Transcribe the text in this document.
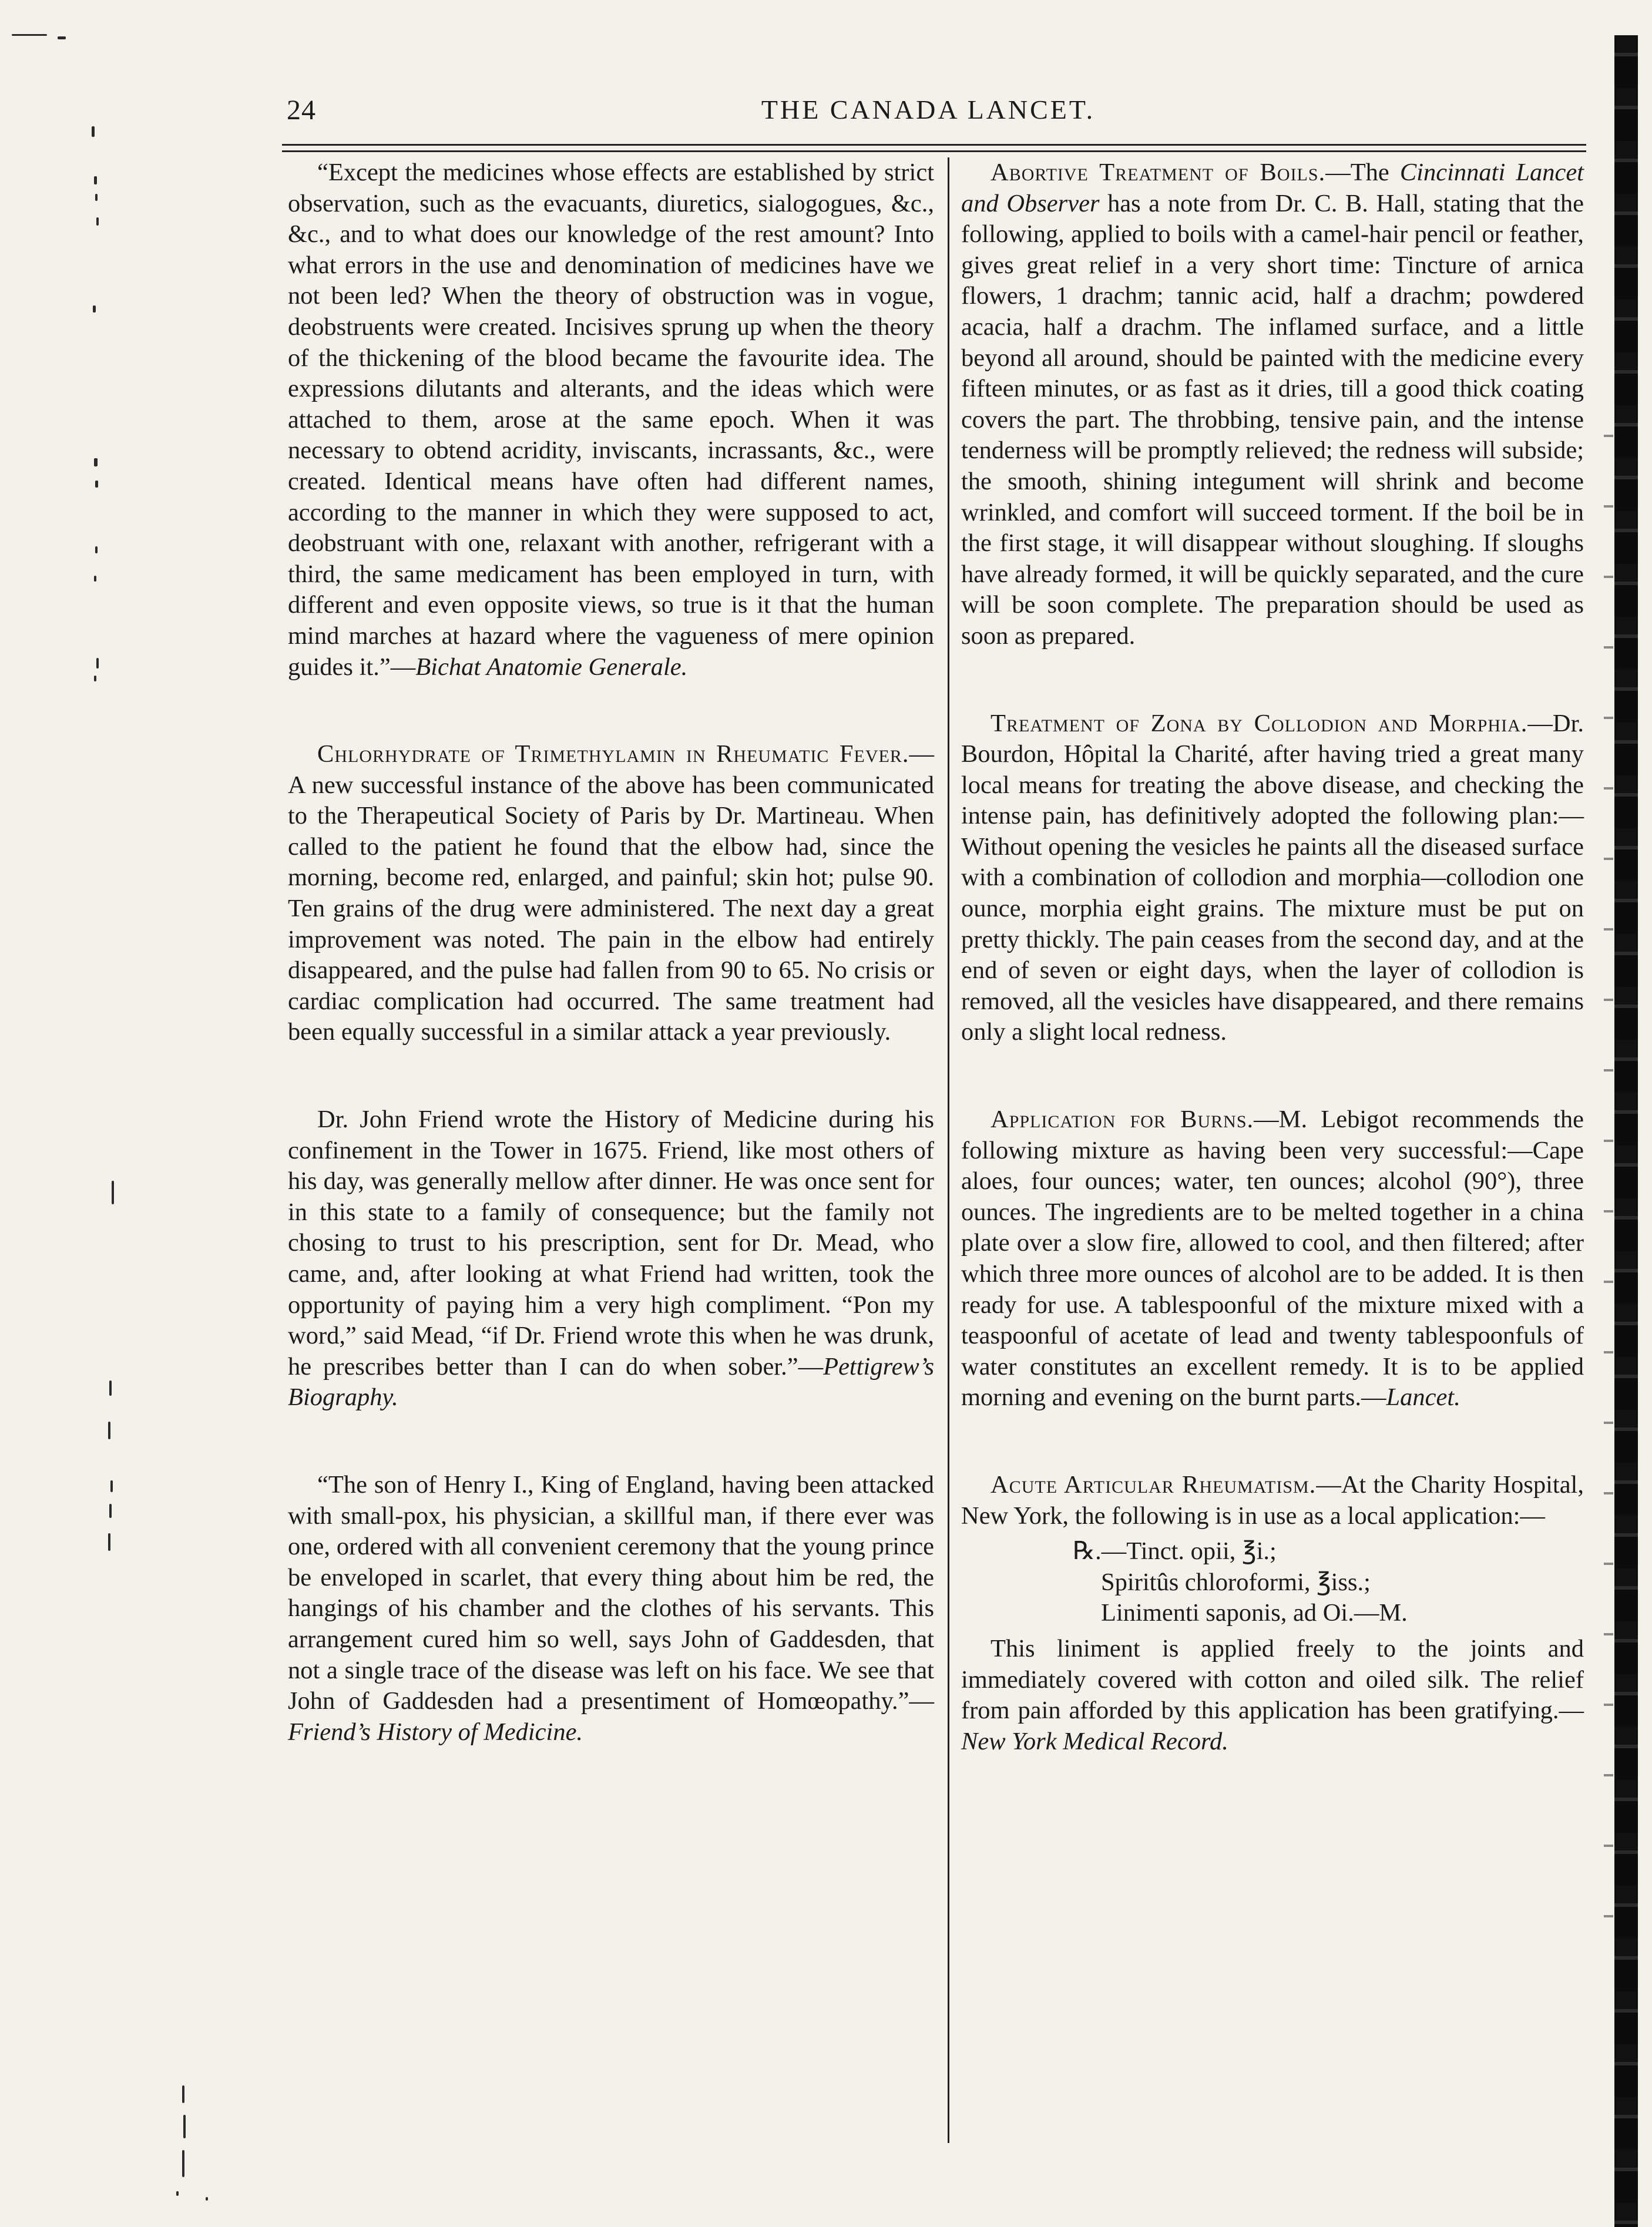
24	THE CANADA LANCET.

“Except the medicines whose effects are established by strict observation, such as the evacuants, diuretics, sialogogues, &c., &c., and to what does our knowledge of the rest amount? Into what errors in the use and denomination of medicines have we not been led? When the theory of obstruction was in vogue, deobstruents were created. Incisives sprung up when the theory of the thickening of the blood became the favourite idea. The expressions dilutants and alterants, and the ideas which were attached to them, arose at the same epoch. When it was necessary to obtend acridity, inviscants, incrassants, &c., were created. Identical means have often had different names, according to the manner in which they were supposed to act, deobstruant with one, relaxant with another, refrigerant with a third, the same medicament has been employed in turn, with different and even opposite views, so true is it that the human mind marches at hazard where the vagueness of mere opinion guides it.”—Bichat Anatomie Generale.

Chlorhydrate of Trimethylamin in Rheumatic Fever.—A new successful instance of the above has been communicated to the Therapeutical Society of Paris by Dr. Martineau. When called to the patient he found that the elbow had, since the morning, become red, enlarged, and painful; skin hot; pulse 90. Ten grains of the drug were administered. The next day a great improvement was noted. The pain in the elbow had entirely disappeared, and the pulse had fallen from 90 to 65. No crisis or cardiac complication had occurred. The same treatment had been equally successful in a similar attack a year previously.

Dr. John Friend wrote the History of Medicine during his confinement in the Tower in 1675. Friend, like most others of his day, was generally mellow after dinner. He was once sent for in this state to a family of consequence; but the family not chosing to trust to his prescription, sent for Dr. Mead, who came, and, after looking at what Friend had written, took the opportunity of paying him a very high compliment. “Pon my word,” said Mead, “if Dr. Friend wrote this when he was drunk, he prescribes better than I can do when sober.”—Pettigrew’s Biography.

“The son of Henry I., King of England, having been attacked with small-pox, his physician, a skillful man, if there ever was one, ordered with all convenient ceremony that the young prince be enveloped in scarlet, that every thing about him be red, the hangings of his chamber and the clothes of his servants. This arrangement cured him so well, says John of Gaddesden, that not a single trace of the disease was left on his face. We see that John of Gaddesden had a presentiment of Homœopathy.”—Friend’s History of Medicine.

Abortive Treatment of Boils.—The Cincinnati Lancet and Observer has a note from Dr. C. B. Hall, stating that the following, applied to boils with a camel-hair pencil or feather, gives great relief in a very short time: Tincture of arnica flowers, 1 drachm; tannic acid, half a drachm; powdered acacia, half a drachm. The inflamed surface, and a little beyond all around, should be painted with the medicine every fifteen minutes, or as fast as it dries, till a good thick coating covers the part. The throbbing, tensive pain, and the intense tenderness will be promptly relieved; the redness will subside; the smooth, shining integument will shrink and become wrinkled, and comfort will succeed torment. If the boil be in the first stage, it will disappear without sloughing. If sloughs have already formed, it will be quickly separated, and the cure will be soon complete. The preparation should be used as soon as prepared.

Treatment of Zona by Collodion and Morphia.—Dr. Bourdon, Hôpital la Charité, after having tried a great many local means for treating the above disease, and checking the intense pain, has definitively adopted the following plan:—Without opening the vesicles he paints all the diseased surface with a combination of collodion and morphia—collodion one ounce, morphia eight grains. The mixture must be put on pretty thickly. The pain ceases from the second day, and at the end of seven or eight days, when the layer of collodion is removed, all the vesicles have disappeared, and there remains only a slight local redness.

Application for Burns.—M. Lebigot recommends the following mixture as having been very successful:—Cape aloes, four ounces; water, ten ounces; alcohol (90°), three ounces. The ingredients are to be melted together in a china plate over a slow fire, allowed to cool, and then filtered; after which three more ounces of alcohol are to be added. It is then ready for use. A tablespoonful of the mixture mixed with a teaspoonful of acetate of lead and twenty tablespoonfuls of water constitutes an excellent remedy. It is to be applied morning and evening on the burnt parts.—Lancet.

Acute Articular Rheumatism.—At the Charity Hospital, New York, the following is in use as a local application:—

℞.—Tinct. opii, ℥i.;
Spiritûs chloroformi, ℥iss.;
Linimenti saponis, ad Oi.—M.

This liniment is applied freely to the joints and immediately covered with cotton and oiled silk. The relief from pain afforded by this application has been gratifying.—New York Medical Record.
